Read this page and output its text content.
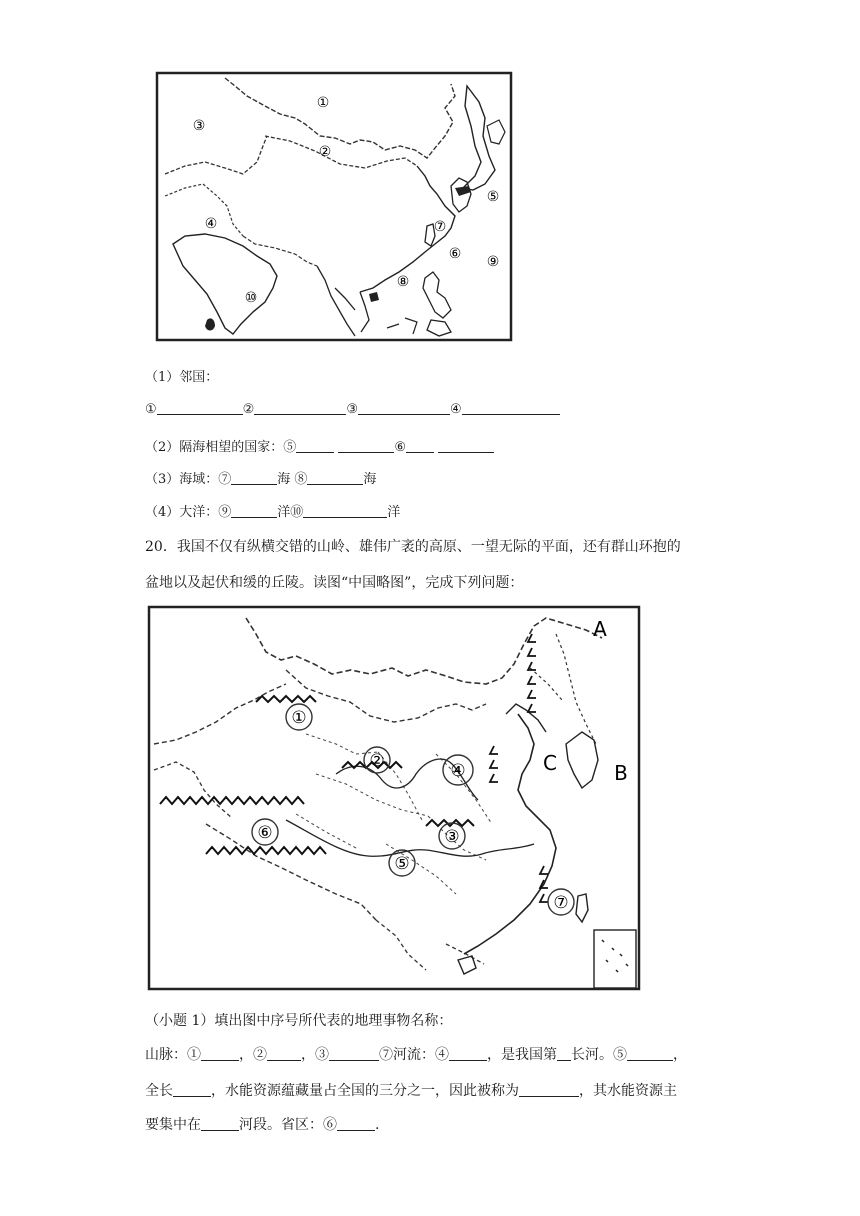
①
②
③
④
⑤
⑥
⑦
⑧
⑨
⑩
（1）邻国：
①	②	③	④
（2）隔海相望的国家：⑤	⑥
（3）海域：⑦	海 ⑧	海
（4）大洋：⑨	洋⑩	洋
20．我国不仅有纵横交错的山岭、雄伟广袤的高原、一望无际的平面，还有群山环抱的
盆地以及起伏和缓的丘陵。读图“中国略图”，完成下列问题：
①
②
③
④
⑤
⑥
⑦
A
B
C
（小题 1）填出图中序号所代表的地理事物名称：
山脉：①	，② ，③	⑦河流：④	，是我国第 长河。⑤	，
全长	，水能资源蕴藏量占全国的三分之一，因此被称为	，其水能资源主
要集中在	河段。省区：⑥	.
